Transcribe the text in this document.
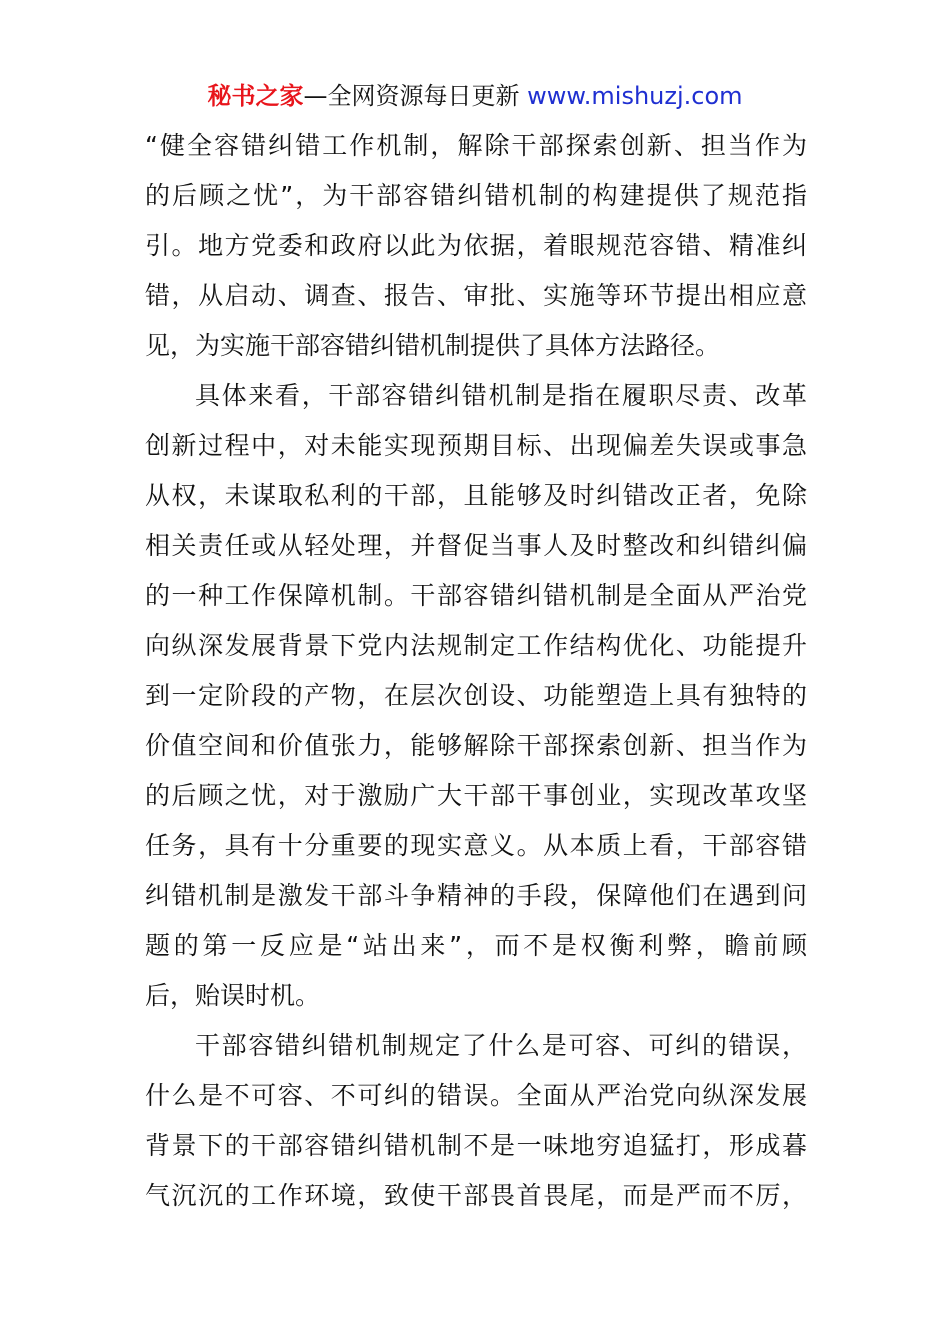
秘书之家—全网资源每日更新 www.mishuzj.com
“健全容错纠错工作机制，解除干部探索创新、担当作为
的后顾之忧”，为干部容错纠错机制的构建提供了规范指
引。地方党委和政府以此为依据，着眼规范容错、精准纠
错，从启动、调查、报告、审批、实施等环节提出相应意
见，为实施干部容错纠错机制提供了具体方法路径。
具体来看，干部容错纠错机制是指在履职尽责、改革
创新过程中，对未能实现预期目标、出现偏差失误或事急
从权，未谋取私利的干部，且能够及时纠错改正者，免除
相关责任或从轻处理，并督促当事人及时整改和纠错纠偏
的一种工作保障机制。干部容错纠错机制是全面从严治党
向纵深发展背景下党内法规制定工作结构优化、功能提升
到一定阶段的产物，在层次创设、功能塑造上具有独特的
价值空间和价值张力，能够解除干部探索创新、担当作为
的后顾之忧，对于激励广大干部干事创业，实现改革攻坚
任务，具有十分重要的现实意义。从本质上看，干部容错
纠错机制是激发干部斗争精神的手段，保障他们在遇到问
题的第一反应是“站出来”，而不是权衡利弊，瞻前顾
后，贻误时机。
干部容错纠错机制规定了什么是可容、可纠的错误，
什么是不可容、不可纠的错误。全面从严治党向纵深发展
背景下的干部容错纠错机制不是一味地穷追猛打，形成暮
气沉沉的工作环境，致使干部畏首畏尾，而是严而不厉，
